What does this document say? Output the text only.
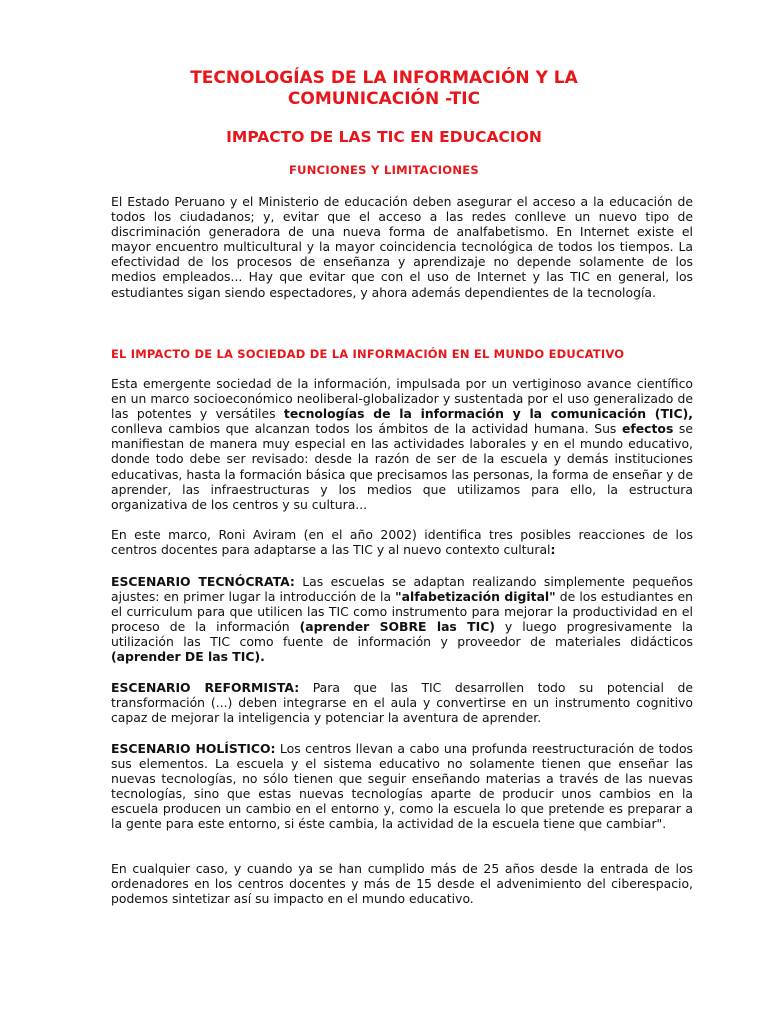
TECNOLOGÍAS DE LA INFORMACIÓN Y LA
COMUNICACIÓN -TIC
IMPACTO DE LAS TIC EN EDUCACION
FUNCIONES Y LIMITACIONES

El Estado Peruano y el Ministerio de educación deben asegurar el acceso a la educación de todos los ciudadanos; y, evitar que el acceso a las redes conlleve un nuevo tipo de discriminación generadora de una nueva forma de analfabetismo. En Internet existe el mayor encuentro multicultural y la mayor coincidencia tecnológica de todos los tiempos. La efectividad de los procesos de enseñanza y aprendizaje no depende solamente de los medios empleados... Hay que evitar que con el uso de Internet y las TIC en general, los estudiantes sigan siendo espectadores, y ahora además dependientes de la tecnología.

EL IMPACTO DE LA SOCIEDAD DE LA INFORMACIÓN EN EL MUNDO EDUCATIVO

Esta emergente sociedad de la información, impulsada por un vertiginoso avance científico en un marco socioeconómico neoliberal-globalizador y sustentada por el uso generalizado de las potentes y versátiles tecnologías de la información y la comunicación (TIC), conlleva cambios que alcanzan todos los ámbitos de la actividad humana. Sus efectos se manifiestan de manera muy especial en las actividades laborales y en el mundo educativo, donde todo debe ser revisado: desde la razón de ser de la escuela y demás instituciones educativas, hasta la formación básica que precisamos las personas, la forma de enseñar y de aprender, las infraestructuras y los medios que utilizamos para ello, la estructura organizativa de los centros y su cultura...

En este marco, Roni Aviram (en el año 2002) identifica tres posibles reacciones de los centros docentes para adaptarse a las TIC y al nuevo contexto cultural:

ESCENARIO TECNÓCRATA: Las escuelas se adaptan realizando simplemente pequeños ajustes: en primer lugar la introducción de la "alfabetización digital" de los estudiantes en el curriculum para que utilicen las TIC como instrumento para mejorar la productividad en el proceso de la información (aprender SOBRE las TIC) y luego progresivamente la utilización las TIC como fuente de información y proveedor de materiales didácticos (aprender DE las TIC).

ESCENARIO REFORMISTA: Para que las TIC desarrollen todo su potencial de transformación (...) deben integrarse en el aula y convertirse en un instrumento cognitivo capaz de mejorar la inteligencia y potenciar la aventura de aprender.

ESCENARIO HOLÍSTICO: Los centros llevan a cabo una profunda reestructuración de todos sus elementos. La escuela y el sistema educativo no solamente tienen que enseñar las nuevas tecnologías, no sólo tienen que seguir enseñando materias a través de las nuevas tecnologías, sino que estas nuevas tecnologías aparte de producir unos cambios en la escuela producen un cambio en el entorno y, como la escuela lo que pretende es preparar a la gente para este entorno, si éste cambia, la actividad de la escuela tiene que cambiar".

En cualquier caso, y cuando ya se han cumplido más de 25 años desde la entrada de los ordenadores en los centros docentes y más de 15 desde el advenimiento del ciberespacio, podemos sintetizar así su impacto en el mundo educativo.
